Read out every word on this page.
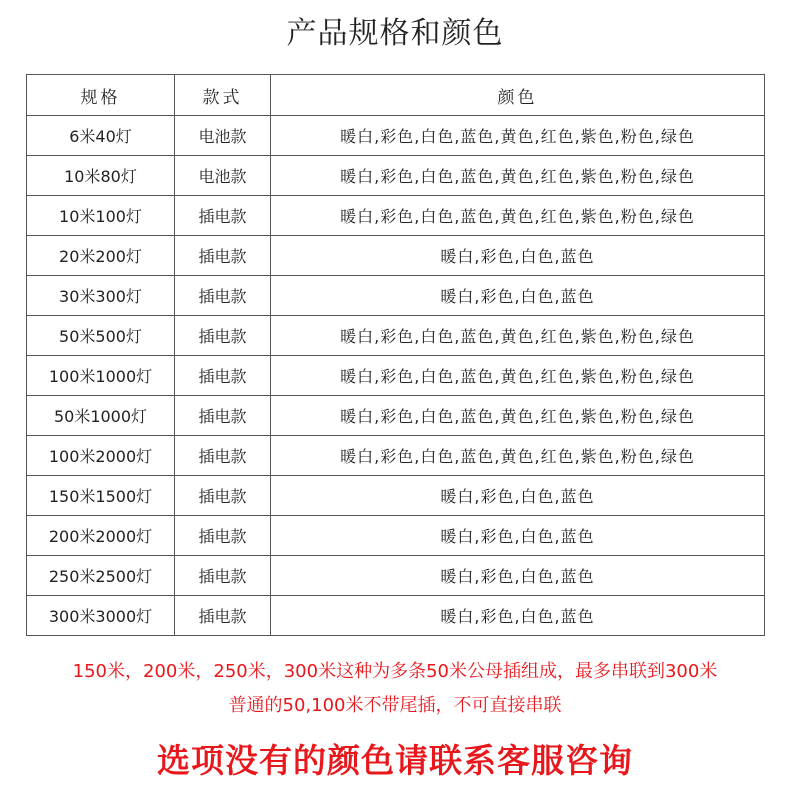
产品规格和颜色
规格	款式	颜色
6米40灯	电池款	暖白,彩色,白色,蓝色,黄色,红色,紫色,粉色,绿色
10米80灯	电池款	暖白,彩色,白色,蓝色,黄色,红色,紫色,粉色,绿色
10米100灯	插电款	暖白,彩色,白色,蓝色,黄色,红色,紫色,粉色,绿色
20米200灯	插电款	暖白,彩色,白色,蓝色
30米300灯	插电款	暖白,彩色,白色,蓝色
50米500灯	插电款	暖白,彩色,白色,蓝色,黄色,红色,紫色,粉色,绿色
100米1000灯	插电款	暖白,彩色,白色,蓝色,黄色,红色,紫色,粉色,绿色
50米1000灯	插电款	暖白,彩色,白色,蓝色,黄色,红色,紫色,粉色,绿色
100米2000灯	插电款	暖白,彩色,白色,蓝色,黄色,红色,紫色,粉色,绿色
150米1500灯	插电款	暖白,彩色,白色,蓝色
200米2000灯	插电款	暖白,彩色,白色,蓝色
250米2500灯	插电款	暖白,彩色,白色,蓝色
300米3000灯	插电款	暖白,彩色,白色,蓝色
150米，200米，250米，300米这种为多条50米公母插组成，最多串联到300米
普通的50,100米不带尾插，不可直接串联
选项没有的颜色请联系客服咨询
